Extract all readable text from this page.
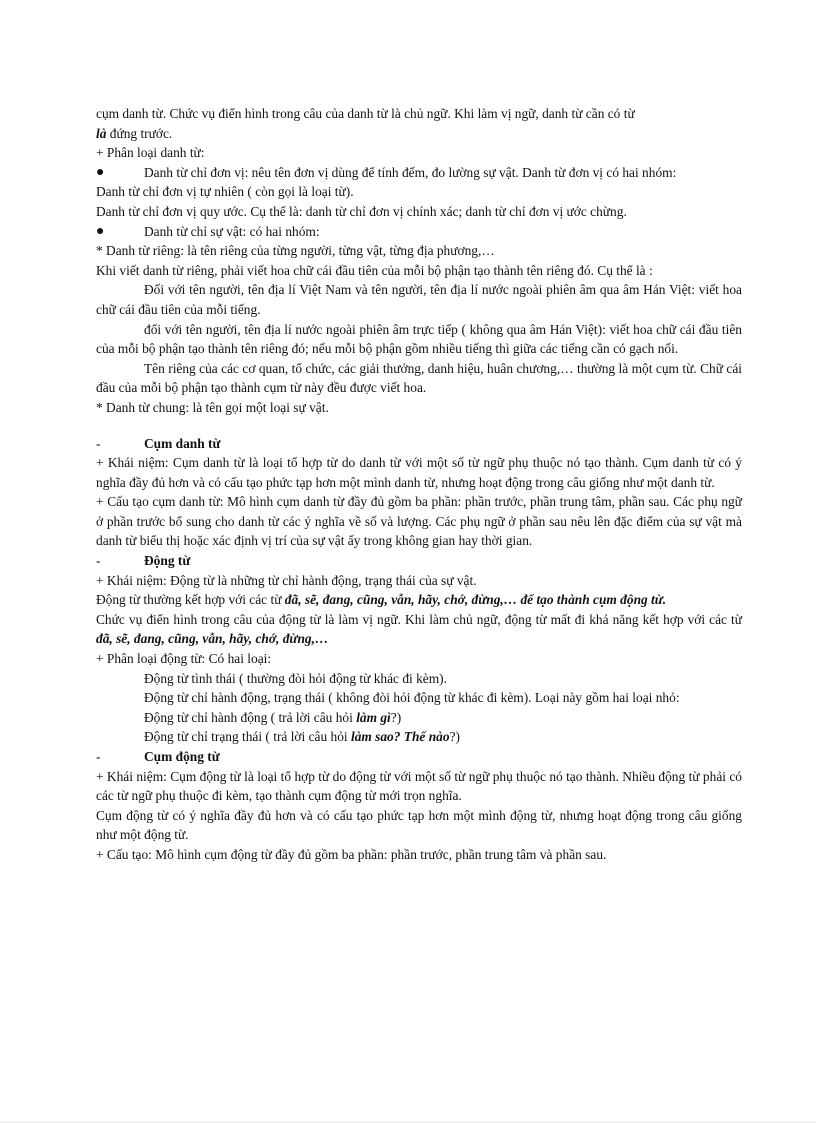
cụm danh từ. Chức vụ điển hình trong câu của danh từ là chủ ngữ. Khi làm vị ngữ, danh từ cần có từ

là đứng trước.

+ Phân loại danh từ:

●	Danh từ chỉ đơn vị: nêu tên đơn vị dùng để tính đếm, đo lường sự vật. Danh từ đơn vị có hai nhóm:

Danh từ chỉ đơn vị tự nhiên ( còn gọi là loại từ).

Danh từ chỉ đơn vị quy ước. Cụ thể là: danh từ chỉ đơn vị chính xác; danh từ chỉ đơn vị ước chừng.

●	Danh từ chỉ sự vật: có hai nhóm:

* Danh từ riêng: là tên riêng của từng người, từng vật, từng địa phương,…

Khi viết danh từ riêng, phải viết hoa chữ cái đầu tiên của mỗi bộ phận tạo thành tên riêng đó. Cụ thể là :

Đối với tên người, tên địa lí Việt Nam và tên người, tên địa lí nước ngoài phiên âm qua âm Hán Việt: viết hoa chữ cái đầu tiên của mỗi tiếng.

đối với tên người, tên địa lí nước ngoài phiên âm trực tiếp ( không qua âm Hán Việt): viết hoa chữ cái đầu tiên của mỗi bộ phận tạo thành tên riêng đó; nếu mỗi bộ phận gồm nhiều tiếng thì giữa các tiếng cần có gạch nối.

Tên riêng của các cơ quan, tổ chức, các giải thưởng, danh hiệu, huân chương,… thường là một cụm từ. Chữ cái đầu của mỗi bộ phận tạo thành cụm từ này đều được viết hoa.

* Danh từ chung: là tên gọi một loại sự vật.

-	Cụm danh từ

+ Khái niệm: Cụm danh từ là loại tổ hợp từ do danh từ với một số từ ngữ phụ thuộc nó tạo thành. Cụm danh từ có ý nghĩa đầy đủ hơn và có cấu tạo phức tạp hơn một mình danh từ, nhưng hoạt động trong câu giống như một danh từ.

+ Cấu tạo cụm danh từ: Mô hình cụm danh từ đầy đủ gồm ba phần: phần trước, phần trung tâm, phần sau. Các phụ ngữ ở phần trước bổ sung cho danh từ các ý nghĩa về số và lượng. Các phụ ngữ ở phần sau nêu lên đặc điểm của sự vật mà danh từ biểu thị hoặc xác định vị trí của sự vật ấy trong không gian hay thời gian.

-	Động từ

+ Khái niệm: Động từ là những từ chỉ hành động, trạng thái của sự vật.

Động từ thường kết hợp với các từ đã, sẽ, đang, cũng, vẫn, hãy, chớ, đừng,… để tạo thành cụm động từ.

Chức vụ điển hình trong câu của động từ là làm vị ngữ. Khi làm chủ ngữ, động từ mất đi khả năng kết hợp với các từ đã, sẽ, đang, cũng, vẫn, hãy, chớ, đừng,…

+ Phân loại động từ: Có hai loại:

Động từ tình thái ( thường đòi hỏi động từ khác đi kèm).

Động từ chỉ hành động, trạng thái ( không đòi hỏi động từ khác đi kèm). Loại này gồm hai loại nhỏ:

Động từ chỉ hành động ( trả lời câu hỏi làm gì?)

Động từ chỉ trạng thái ( trả lời câu hỏi làm sao? Thế nào?)

-	Cụm động từ

+ Khái niệm: Cụm động từ là loại tổ hợp từ do động từ với một số từ ngữ phụ thuộc nó tạo thành. Nhiều động từ phải có các từ ngữ phụ thuộc đi kèm, tạo thành cụm động từ mới trọn nghĩa.

Cụm động từ có ý nghĩa đầy đủ hơn và có cấu tạo phức tạp hơn một mình động từ, nhưng hoạt động trong câu giống như một động từ.

+ Cấu tạo: Mô hình cụm động từ đầy đủ gồm ba phần: phần trước, phần trung tâm và phần sau.
